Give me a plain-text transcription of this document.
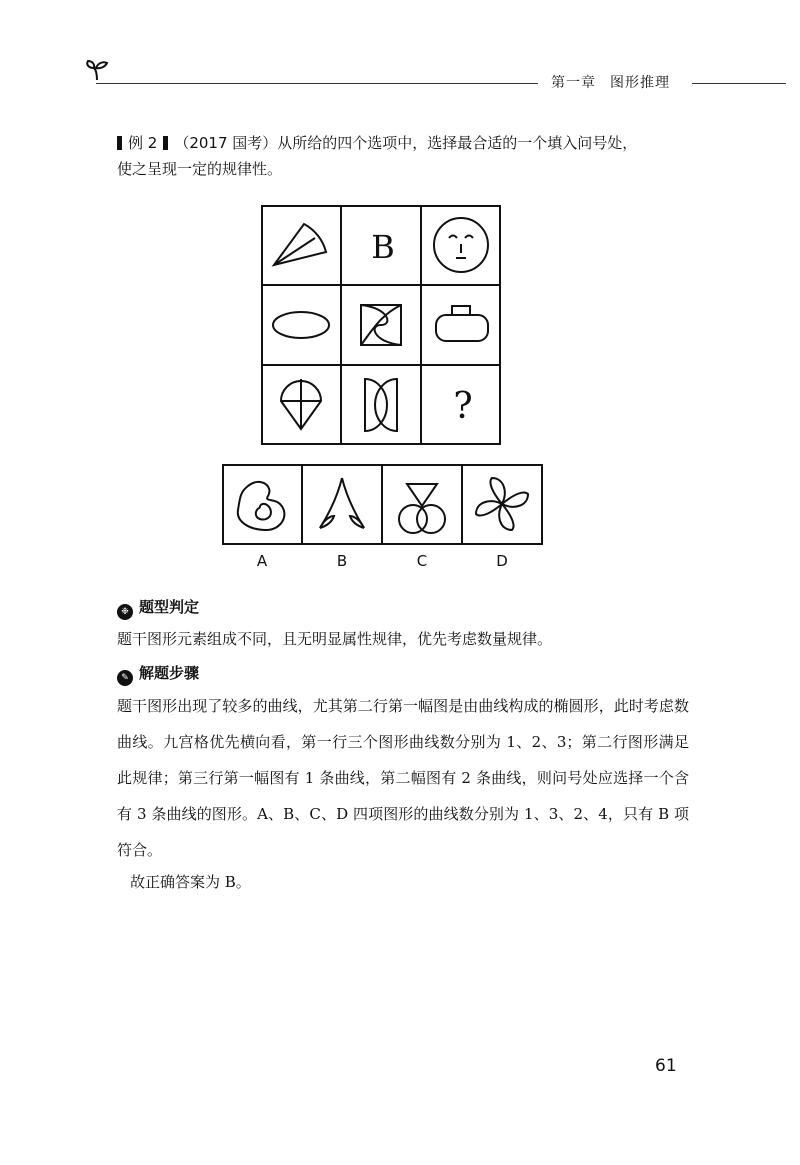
第一章 图形推理
例 2 （2017 国考）从所给的四个选项中，选择最合适的一个填入问号处，
使之呈现一定的规律性。
B
?
A	B	C	D
❉ 题型判定
题干图形元素组成不同，且无明显属性规律，优先考虑数量规律。
✎ 解题步骤
题干图形出现了较多的曲线，尤其第二行第一幅图是由曲线构成的椭圆形，此时考虑数曲线。九宫格优先横向看，第一行三个图形曲线数分别为 1、2、3；第二行图形满足此规律；第三行第一幅图有 1 条曲线，第二幅图有 2 条曲线，则问号处应选择一个含有 3 条曲线的图形。A、B、C、D 四项图形的曲线数分别为 1、3、2、4，只有 B 项符合。
故正确答案为 B。
61
